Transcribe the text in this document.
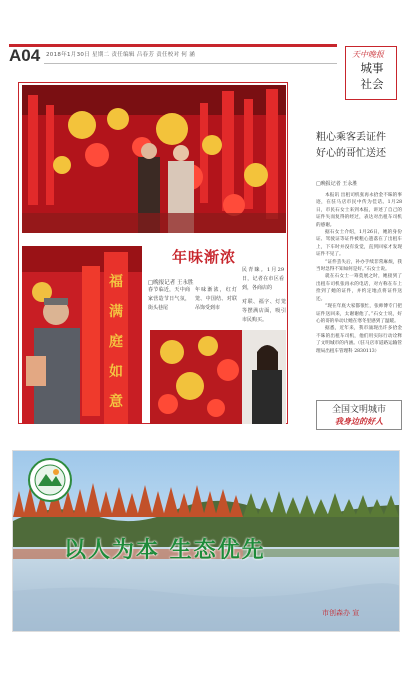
A04 2018年1月30日 星期二 责任编辑 吕春芳 责任校对 何 涵	天中晚报
城事
社会
福
满
庭
如
意
年味渐浓
□晚报记者 王永胜
春节临近，天中商家营造节日气氛，街头巷尾
年味渐浓，红灯笼、中国结、对联吊饰受到市
民青睐。1月29日，记者在市区看到，各商店的
对联、福字、灯笼等摆满店面，吸引市民购买。
粗心乘客丢证件
好心的哥忙送还
□晚报记者 王永胜

本报讯 出租司机张再永拾金不昧的事迹，在驻马店市民中传为佳话。1月28日，市民石女士来到本报，讲述了自己的证件失而复得的经过，表达对出租车司机的感谢。

据石女士介绍，1月26日，她的身份证、驾驶证等证件被粗心遗落在了出租车上，下车时并没有发觉，直到回家才发现证件不见了。

“证件丢失后，补办手续非常麻烦，我当时急得不知如何是好。”石女士说。

就在石女士一筹莫展之时，她接到了出租车司机张再永的电话，对方称在车上捡到了她的证件，并约定地点将证件送还。

“现在年底大家都很忙，张师傅专门把证件送回来，太谢谢他了。”石女士说，好心的哥的举动让她在寒冬里感到了温暖。

据悉，近年来，我市涌现出许多拾金不昧的出租车司机，他们用实际行动诠释了文明城市的内涵。（驻马店市道路运输管理局出租车管理科 2830113）

全国文明城市
我身边的好人
以人为本 生态优先
市创森办 宣
